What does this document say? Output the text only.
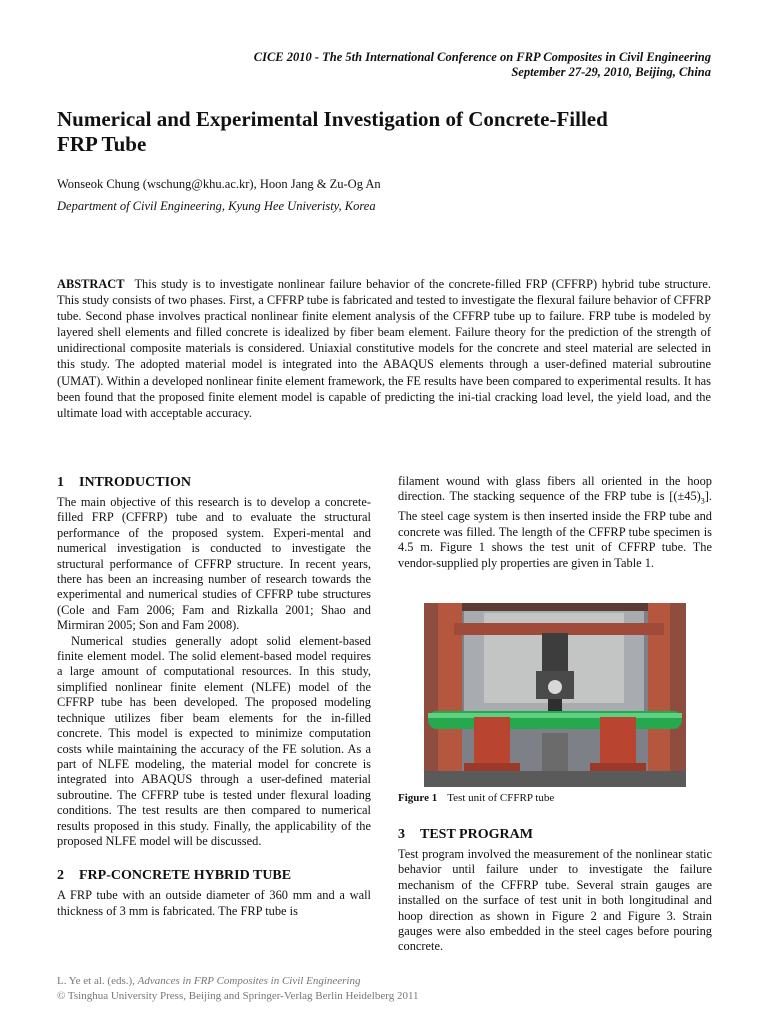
CICE 2010 - The 5th International Conference on FRP Composites in Civil Engineering
September 27-29, 2010, Beijing, China
Numerical and Experimental Investigation of Concrete-Filled
FRP Tube
Wonseok Chung (wschung@khu.ac.kr), Hoon Jang & Zu-Og An
Department of Civil Engineering, Kyung Hee Univeristy, Korea
ABSTRACT This study is to investigate nonlinear failure behavior of the concrete-filled FRP (CFFRP) hybrid tube structure. This study consists of two phases. First, a CFFRP tube is fabricated and tested to investigate the flexural failure behavior of CFFRP tube. Second phase involves practical nonlinear finite element analysis of the CFFRP tube up to failure. FRP tube is modeled by layered shell elements and filled concrete is idealized by fiber beam element. Failure theory for the prediction of the strength of unidirectional composite materials is considered. Uniaxial constitutive models for the concrete and steel material are selected in this study. The adopted material model is integrated into the ABAQUS elements through a user-defined material subroutine (UMAT). Within a developed nonlinear finite element framework, the FE results have been compared to experimental results. It has been found that the proposed finite element model is capable of predicting the ini-tial cracking load level, the yield load, and the ultimate load with acceptable accuracy.
1 INTRODUCTION

The main objective of this research is to develop a concrete-filled FRP (CFFRP) tube and to evaluate the structural performance of the proposed system. Experi-mental and numerical investigation is conducted to investigate the structural performance of CFFRP structure. In recent years, there has been an increasing number of research towards the experimental and numerical studies of CFFRP tube structures (Cole and Fam 2006; Fam and Rizkalla 2001; Shao and Mirmiran 2005; Son and Fam 2008).

Numerical studies generally adopt solid element-based finite element model. The solid element-based model requires a large amount of computational resources. In this study, simplified nonlinear finite element (NLFE) model of the CFFRP tube has been developed. The proposed modeling technique utilizes fiber beam elements for the in-filled concrete. This model is expected to minimize computation costs while maintaining the accuracy of the FE solution. As a part of NLFE modeling, the material model for concrete is integrated into ABAQUS through a user-defined material subroutine. The CFFRP tube is tested under flexural loading conditions. The test results are then compared to numerical results proposed in this study. Finally, the applicability of the proposed NLFE model will be discussed.

2 FRP-CONCRETE HYBRID TUBE

A FRP tube with an outside diameter of 360 mm and a wall thickness of 3 mm is fabricated. The FRP tube is

filament wound with glass fibers all oriented in the hoop direction. The stacking sequence of the FRP tube is $[(\pm 45)_3]$. The steel cage system is then inserted inside the FRP tube and concrete was filled. The length of the CFFRP tube specimen is 4.5 m. Figure 1 shows the test unit of CFFRP tube. The vendor-supplied ply properties are given in Table 1.

Figure 1 Test unit of CFFRP tube
3 TEST PROGRAM

Test program involved the measurement of the nonlinear static behavior until failure under to investigate the failure mechanism of the CFFRP tube. Several strain gauges are installed on the surface of test unit in both longitudinal and hoop direction as shown in Figure 2 and Figure 3. Strain gauges were also embedded in the steel cages before pouring concrete.

L. Ye et al. (eds.), Advances in FRP Composites in Civil Engineering
© Tsinghua University Press, Beijing and Springer-Verlag Berlin Heidelberg 2011
